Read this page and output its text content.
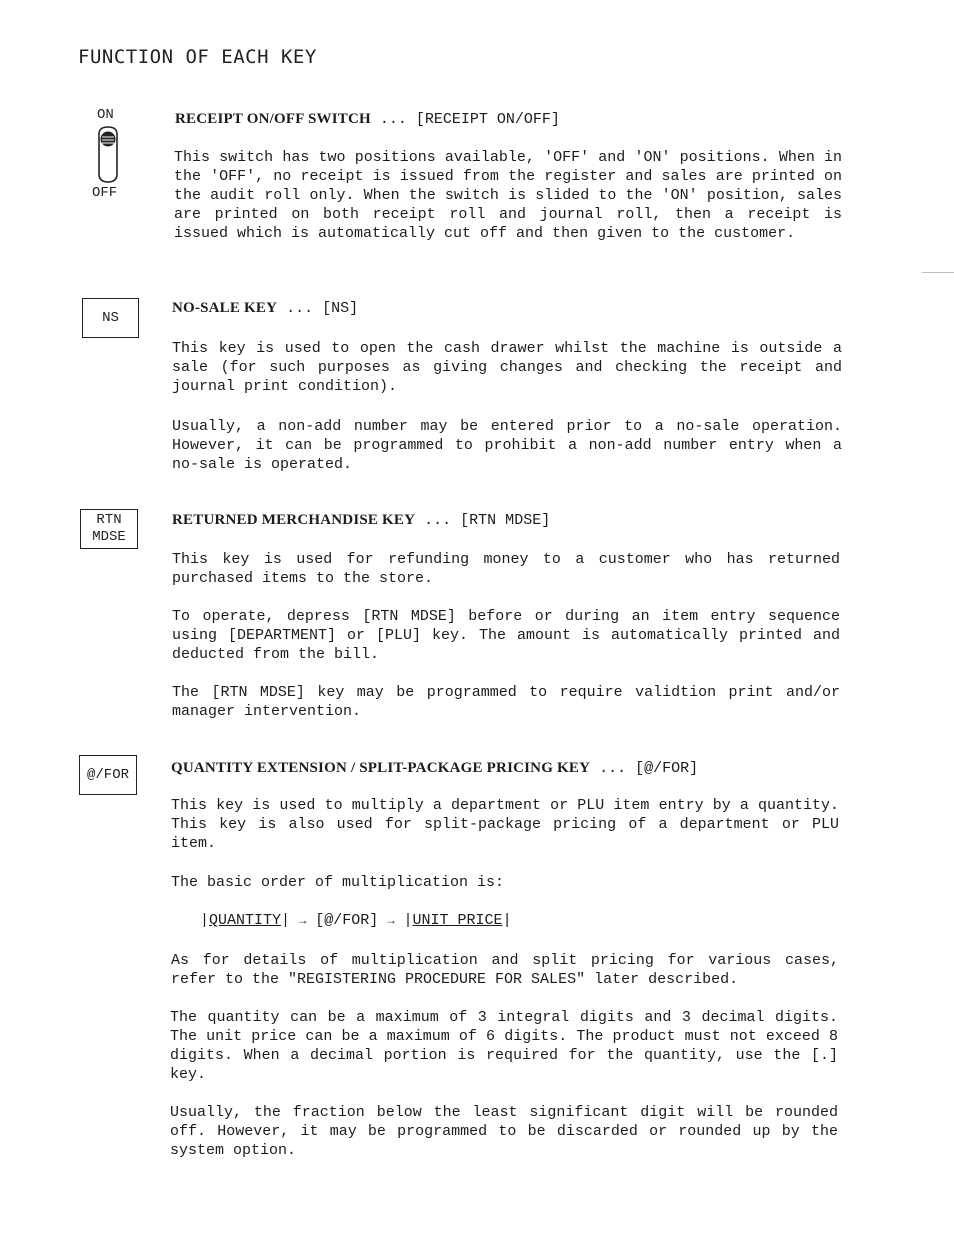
FUNCTION OF EACH KEY
ON
OFF
RECEIPT ON/OFF SWITCH ... [RECEIPT ON/OFF]

This switch has two positions available, 'OFF' and 'ON' positions. When in the 'OFF', no receipt is issued from the register and sales are printed on the audit roll only. When the switch is slided to the 'ON' position, sales are printed on both receipt roll and journal roll, then a receipt is issued which is automatically cut off and then given to the customer.

NS
NO-SALE KEY ... [NS]

This key is used to open the cash drawer whilst the machine is outside a sale (for such purposes as giving changes and checking the receipt and journal print condition).

Usually, a non-add number may be entered prior to a no-sale operation. However, it can be programmed to prohibit a non-add number entry when a no-sale is operated.

RTN
MDSE
RETURNED MERCHANDISE KEY ... [RTN MDSE]

This key is used for refunding money to a customer who has returned purchased items to the store.

To operate, depress [RTN MDSE] before or during an item entry sequence using [DEPARTMENT] or [PLU] key. The amount is automatically printed and deducted from the bill.

The [RTN MDSE] key may be programmed to require validtion print and/or manager intervention.

@/FOR	QUANTITY EXTENSION / SPLIT-PACKAGE PRICING KEY ... [@/FOR]

This key is used to multiply a department or PLU item entry by a quantity. This key is also used for split-package pricing of a department or PLU item.

The basic order of multiplication is:

|QUANTITY| → [@/FOR] → |UNIT PRICE|

As for details of multiplication and split pricing for various cases, refer to the "REGISTERING PROCEDURE FOR SALES" later described.

The quantity can be a maximum of 3 integral digits and 3 decimal digits. The unit price can be a maximum of 6 digits. The product must not exceed 8 digits. When a decimal portion is required for the quantity, use the [.] key.

Usually, the fraction below the least significant digit will be rounded off. However, it may be programmed to be discarded or rounded up by the system option.
